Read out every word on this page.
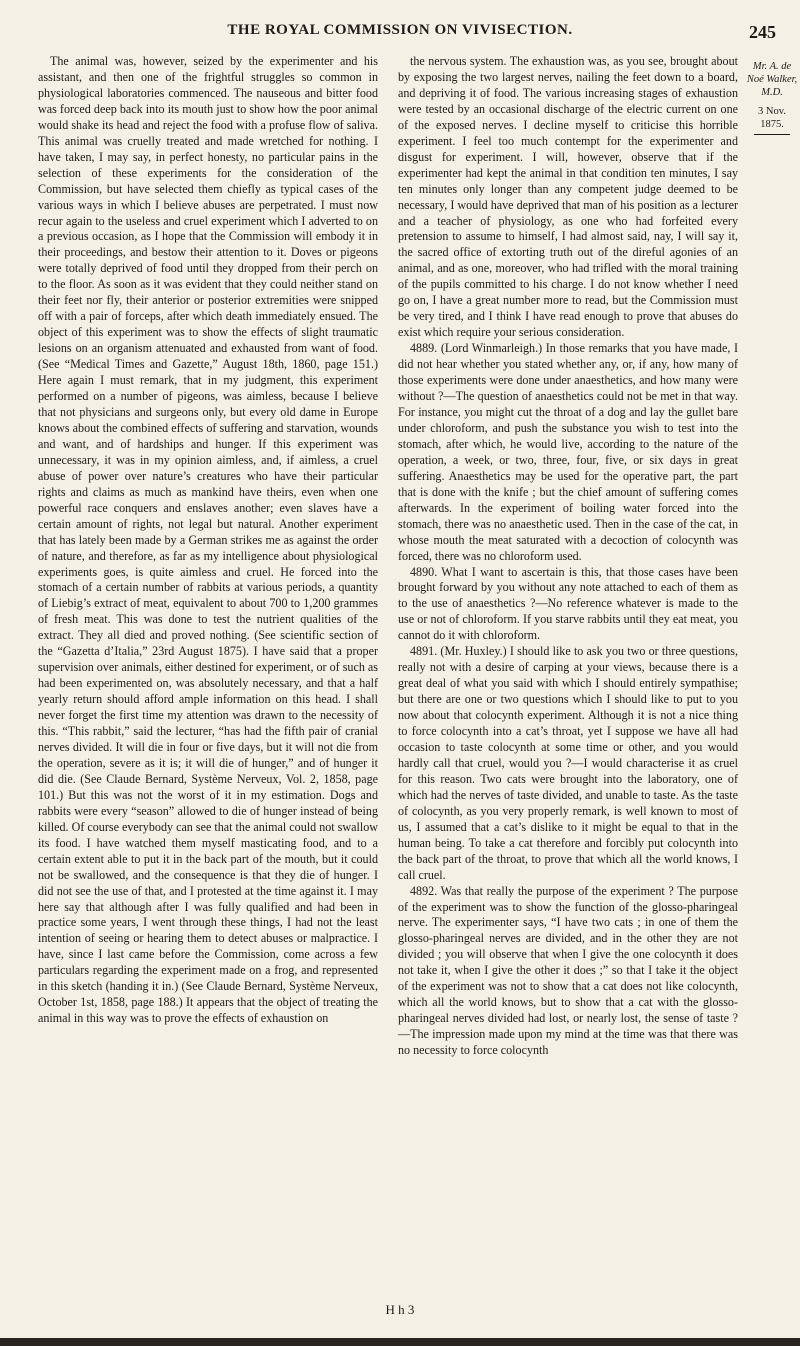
THE ROYAL COMMISSION ON VIVISECTION.	245

The animal was, however, seized by the experimenter and his assistant, and then one of the frightful struggles so common in physiological laboratories commenced. The nauseous and bitter food was forced deep back into its mouth just to show how the poor animal would shake its head and reject the food with a profuse flow of saliva. This animal was cruelly treated and made wretched for nothing. I have taken, I may say, in perfect honesty, no particular pains in the selection of these experiments for the consideration of the Commission, but have selected them chiefly as typical cases of the various ways in which I believe abuses are perpetrated. I must now recur again to the useless and cruel experiment which I adverted to on a previous occasion, as I hope that the Commission will embody it in their proceedings, and bestow their attention to it. Doves or pigeons were totally deprived of food until they dropped from their perch on to the floor. As soon as it was evident that they could neither stand on their feet nor fly, their anterior or posterior extremities were snipped off with a pair of forceps, after which death immediately ensued. The object of this experiment was to show the effects of slight traumatic lesions on an organism attenuated and exhausted from want of food. (See “Medical Times and Gazette,” August 18th, 1860, page 151.) Here again I must remark, that in my judgment, this experiment performed on a number of pigeons, was aimless, because I believe that not physicians and surgeons only, but every old dame in Europe knows about the combined effects of suffering and starvation, wounds and want, and of hardships and hunger. If this experiment was unnecessary, it was in my opinion aimless, and, if aimless, a cruel abuse of power over nature’s creatures who have their particular rights and claims as much as mankind have theirs, even when one powerful race conquers and enslaves another; even slaves have a certain amount of rights, not legal but natural. Another experiment that has lately been made by a German strikes me as against the order of nature, and therefore, as far as my intelligence about physiological experiments goes, is quite aimless and cruel. He forced into the stomach of a certain number of rabbits at various periods, a quantity of Liebig’s extract of meat, equivalent to about 700 to 1,200 grammes of fresh meat. This was done to test the nutrient qualities of the extract. They all died and proved nothing. (See scientific section of the “Gazetta d’Italia,” 23rd August 1875). I have said that a proper supervision over animals, either destined for experiment, or of such as had been experimented on, was absolutely necessary, and that a half yearly return should afford ample information on this head. I shall never forget the first time my attention was drawn to the necessity of this. “This rabbit,” said the lecturer, “has had the fifth pair of cranial nerves divided. It will die in four or five days, but it will not die from the operation, severe as it is; it will die of hunger,” and of hunger it did die. (See Claude Bernard, Système Nerveux, Vol. 2, 1858, page 101.) But this was not the worst of it in my estimation. Dogs and rabbits were every “season” allowed to die of hunger instead of being killed. Of course everybody can see that the animal could not swallow its food. I have watched them myself masticating food, and to a certain extent able to put it in the back part of the mouth, but it could not be swallowed, and the consequence is that they die of hunger. I did not see the use of that, and I protested at the time against it. I may here say that although after I was fully qualified and had been in practice some years, I went through these things, I had not the least intention of seeing or hearing them to detect abuses or malpractice. I have, since I last came before the Commission, come across a few particulars regarding the experiment made on a frog, and represented in this sketch (handing it in.) (See Claude Bernard, Système Nerveux, October 1st, 1858, page 188.) It appears that the object of treating the animal in this way was to prove the effects of exhaustion on

the nervous system. The exhaustion was, as you see, brought about by exposing the two largest nerves, nailing the feet down to a board, and depriving it of food. The various increasing stages of exhaustion were tested by an occasional discharge of the electric current on one of the exposed nerves. I decline myself to criticise this horrible experiment. I feel too much contempt for the experimenter and disgust for experiment. I will, however, observe that if the experimenter had kept the animal in that condition ten minutes, I say ten minutes only longer than any competent judge deemed to be necessary, I would have deprived that man of his position as a lecturer and a teacher of physiology, as one who had forfeited every pretension to assume to himself, I had almost said, nay, I will say it, the sacred office of extorting truth out of the direful agonies of an animal, and as one, moreover, who had trifled with the moral training of the pupils committed to his charge. I do not know whether I need go on, I have a great number more to read, but the Commission must be very tired, and I think I have read enough to prove that abuses do exist which require your serious consideration.

4889. (Lord Winmarleigh.) In those remarks that you have made, I did not hear whether you stated whether any, or, if any, how many of those experiments were done under anaesthetics, and how many were without ?—The question of anaesthetics could not be met in that way. For instance, you might cut the throat of a dog and lay the gullet bare under chloroform, and push the substance you wish to test into the stomach, after which, he would live, according to the nature of the operation, a week, or two, three, four, five, or six days in great suffering. Anaesthetics may be used for the operative part, the part that is done with the knife ; but the chief amount of suffering comes afterwards. In the experiment of boiling water forced into the stomach, there was no anaesthetic used. Then in the case of the cat, in whose mouth the meat saturated with a decoction of colocynth was forced, there was no chloroform used.

4890. What I want to ascertain is this, that those cases have been brought forward by you without any note attached to each of them as to the use of anaesthetics ?—No reference whatever is made to the use or not of chloroform. If you starve rabbits until they eat meat, you cannot do it with chloroform.

4891. (Mr. Huxley.) I should like to ask you two or three questions, really not with a desire of carping at your views, because there is a great deal of what you said with which I should entirely sympathise; but there are one or two questions which I should like to put to you now about that colocynth experiment. Although it is not a nice thing to force colocynth into a cat’s throat, yet I suppose we have all had occasion to taste colocynth at some time or other, and you would hardly call that cruel, would you ?—I would characterise it as cruel for this reason. Two cats were brought into the laboratory, one of which had the nerves of taste divided, and unable to taste. As the taste of colocynth, as you very properly remark, is well known to most of us, I assumed that a cat’s dislike to it might be equal to that in the human being. To take a cat therefore and forcibly put colocynth into the back part of the throat, to prove that which all the world knows, I call cruel.

4892. Was that really the purpose of the experiment ? The purpose of the experiment was to show the function of the glosso-pharingeal nerve. The experimenter says, “I have two cats ; in one of them the glosso-pharingeal nerves are divided, and in the other they are not divided ; you will observe that when I give the one colocynth it does not take it, when I give the other it does ;” so that I take it the object of the experiment was not to show that a cat does not like colocynth, which all the world knows, but to show that a cat with the glosso-pharingeal nerves divided had lost, or nearly lost, the sense of taste ?—The impression made upon my mind at the time was that there was no necessity to force colocynth

Mr. A. de Noé Walker, M.D.
3 Nov. 1875.
H h 3
